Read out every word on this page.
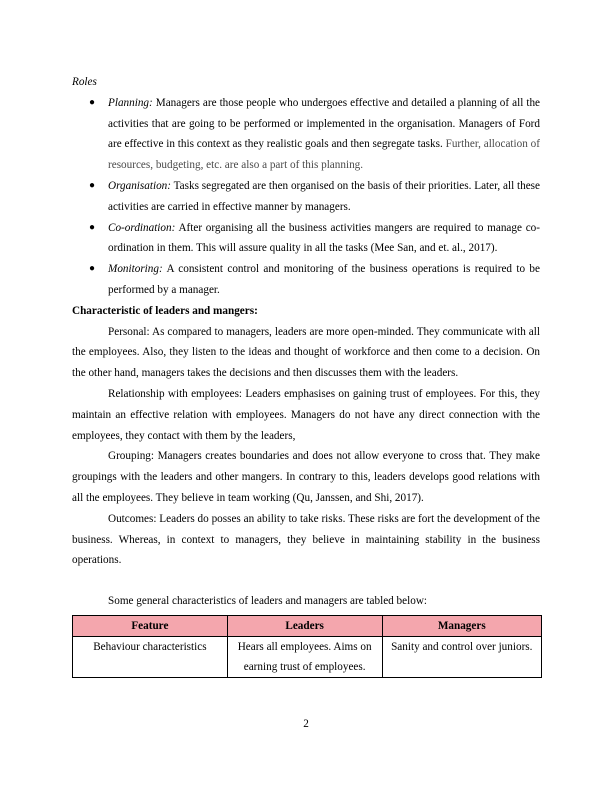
Roles

● Planning: Managers are those people who undergoes effective and detailed a planning of all the activities that are going to be performed or implemented in the organisation. Managers of Ford are effective in this context as they realistic goals and then segregate tasks. Further, allocation of resources, budgeting, etc. are also a part of this planning.
● Organisation: Tasks segregated are then organised on the basis of their priorities. Later, all these activities are carried in effective manner by managers.
● Co-ordination: After organising all the business activities mangers are required to manage co-ordination in them. This will assure quality in all the tasks (Mee San, and et. al., 2017).
● Monitoring: A consistent control and monitoring of the business operations is required to be performed by a manager.

Characteristic of leaders and mangers:

Personal: As compared to managers, leaders are more open-minded. They communicate with all the employees. Also, they listen to the ideas and thought of workforce and then come to a decision. On the other hand, managers takes the decisions and then discusses them with the leaders.

Relationship with employees: Leaders emphasises on gaining trust of employees. For this, they maintain an effective relation with employees. Managers do not have any direct connection with the employees, they contact with them by the leaders,

Grouping: Managers creates boundaries and does not allow everyone to cross that. They make groupings with the leaders and other mangers. In contrary to this, leaders develops good relations with all the employees. They believe in team working (Qu, Janssen, and Shi, 2017).

Outcomes: Leaders do posses an ability to take risks. These risks are fort the development of the business. Whereas, in context to managers, they believe in maintaining stability in the business operations.

Some general characteristics of leaders and managers are tabled below:

Feature	Leaders	Managers
Behaviour characteristics	Hears all employees. Aims on earning trust of employees.	Sanity and control over juniors.
2
